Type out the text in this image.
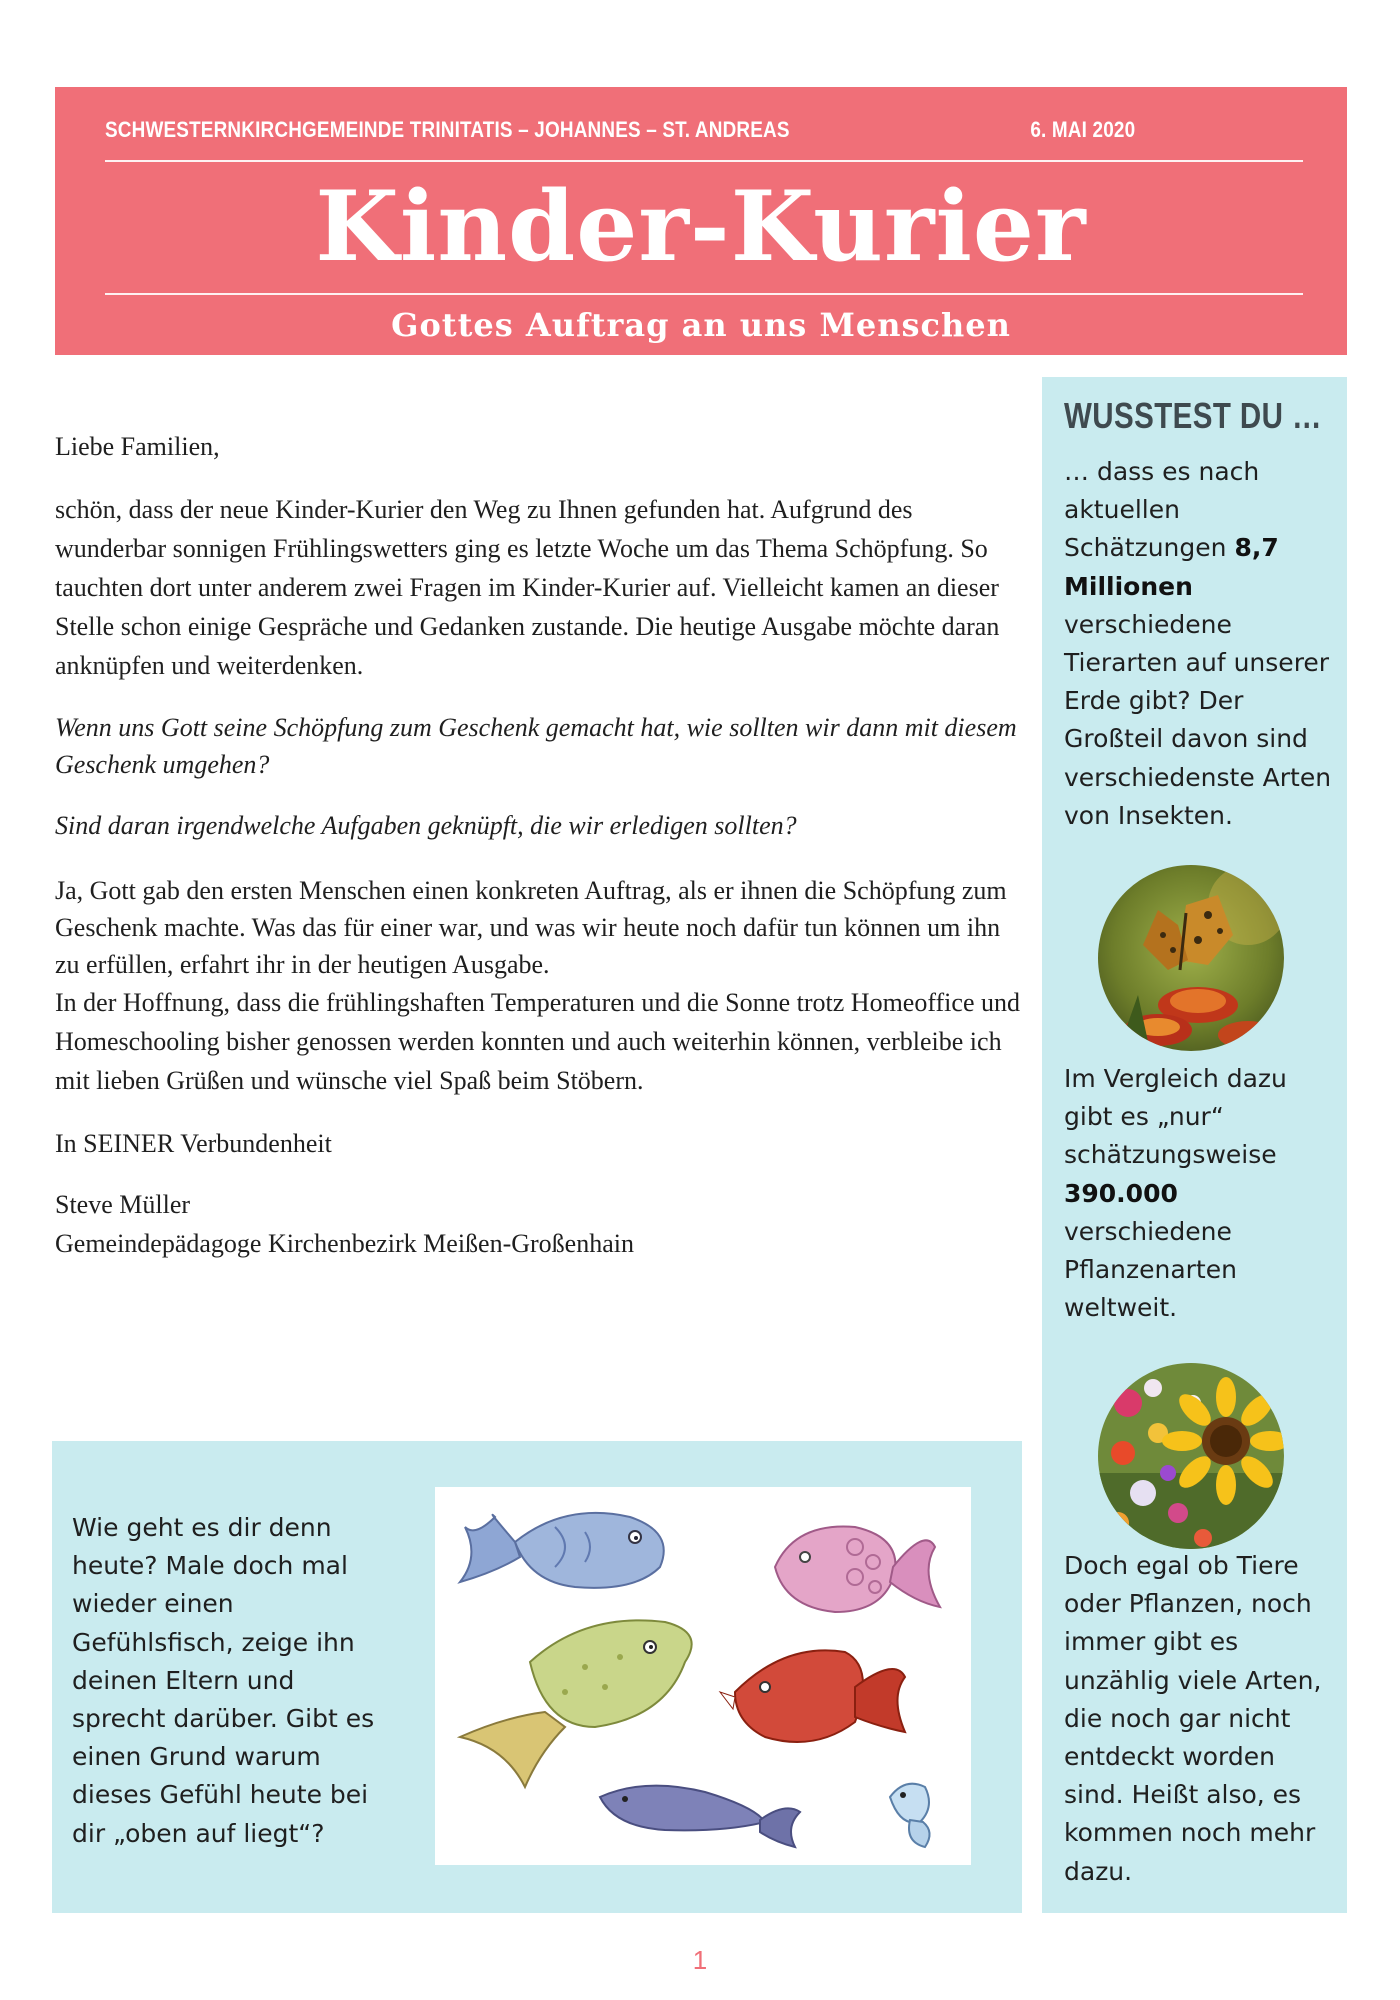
SCHWESTERNKIRCHGEMEINDE TRINITATIS – JOHANNES – ST. ANDREAS	6. MAI 2020
Kinder-Kurier
Gottes Auftrag an uns Menschen

Liebe Familien,

schön, dass der neue Kinder-Kurier den Weg zu Ihnen gefunden hat. Aufgrund des wunderbar sonnigen Frühlingswetters ging es letzte Woche um das Thema Schöpfung. So tauchten dort unter anderem zwei Fragen im Kinder-Kurier auf. Vielleicht kamen an dieser Stelle schon einige Gespräche und Gedanken zustande. Die heutige Ausgabe möchte daran anknüpfen und weiterdenken.

Wenn uns Gott seine Schöpfung zum Geschenk gemacht hat, wie sollten wir dann mit diesem Geschenk umgehen?

Sind daran irgendwelche Aufgaben geknüpft, die wir erledigen sollten?

Ja, Gott gab den ersten Menschen einen konkreten Auftrag, als er ihnen die Schöpfung zum Geschenk machte. Was das für einer war, und was wir heute noch dafür tun können um ihn zu erfüllen, erfahrt ihr in der heutigen Ausgabe.

In der Hoffnung, dass die frühlingshaften Temperaturen und die Sonne trotz Homeoffice und Homeschooling bisher genossen werden konnten und auch weiterhin können, verbleibe ich mit lieben Grüßen und wünsche viel Spaß beim Stöbern.

In SEINER Verbundenheit

Steve Müller

Gemeindepädagoge Kirchenbezirk Meißen-Großenhain

WUSSTEST DU …
… dass es nach aktuellen Schätzungen 8,7 Millionen verschiedene Tierarten auf unserer Erde gibt? Der Großteil davon sind verschiedenste Arten von Insekten.
Im Vergleich dazu gibt es „nur“ schätzungsweise 390.000 verschiedene Pflanzenarten weltweit.
Doch egal ob Tiere oder Pflanzen, noch immer gibt es unzählig viele Arten, die noch gar nicht entdeckt worden sind. Heißt also, es kommen noch mehr dazu.
Wie geht es dir denn heute? Male doch mal wieder einen Gefühlsfisch, zeige ihn deinen Eltern und sprecht darüber. Gibt es einen Grund warum dieses Gefühl heute bei dir „oben auf liegt“?
1
